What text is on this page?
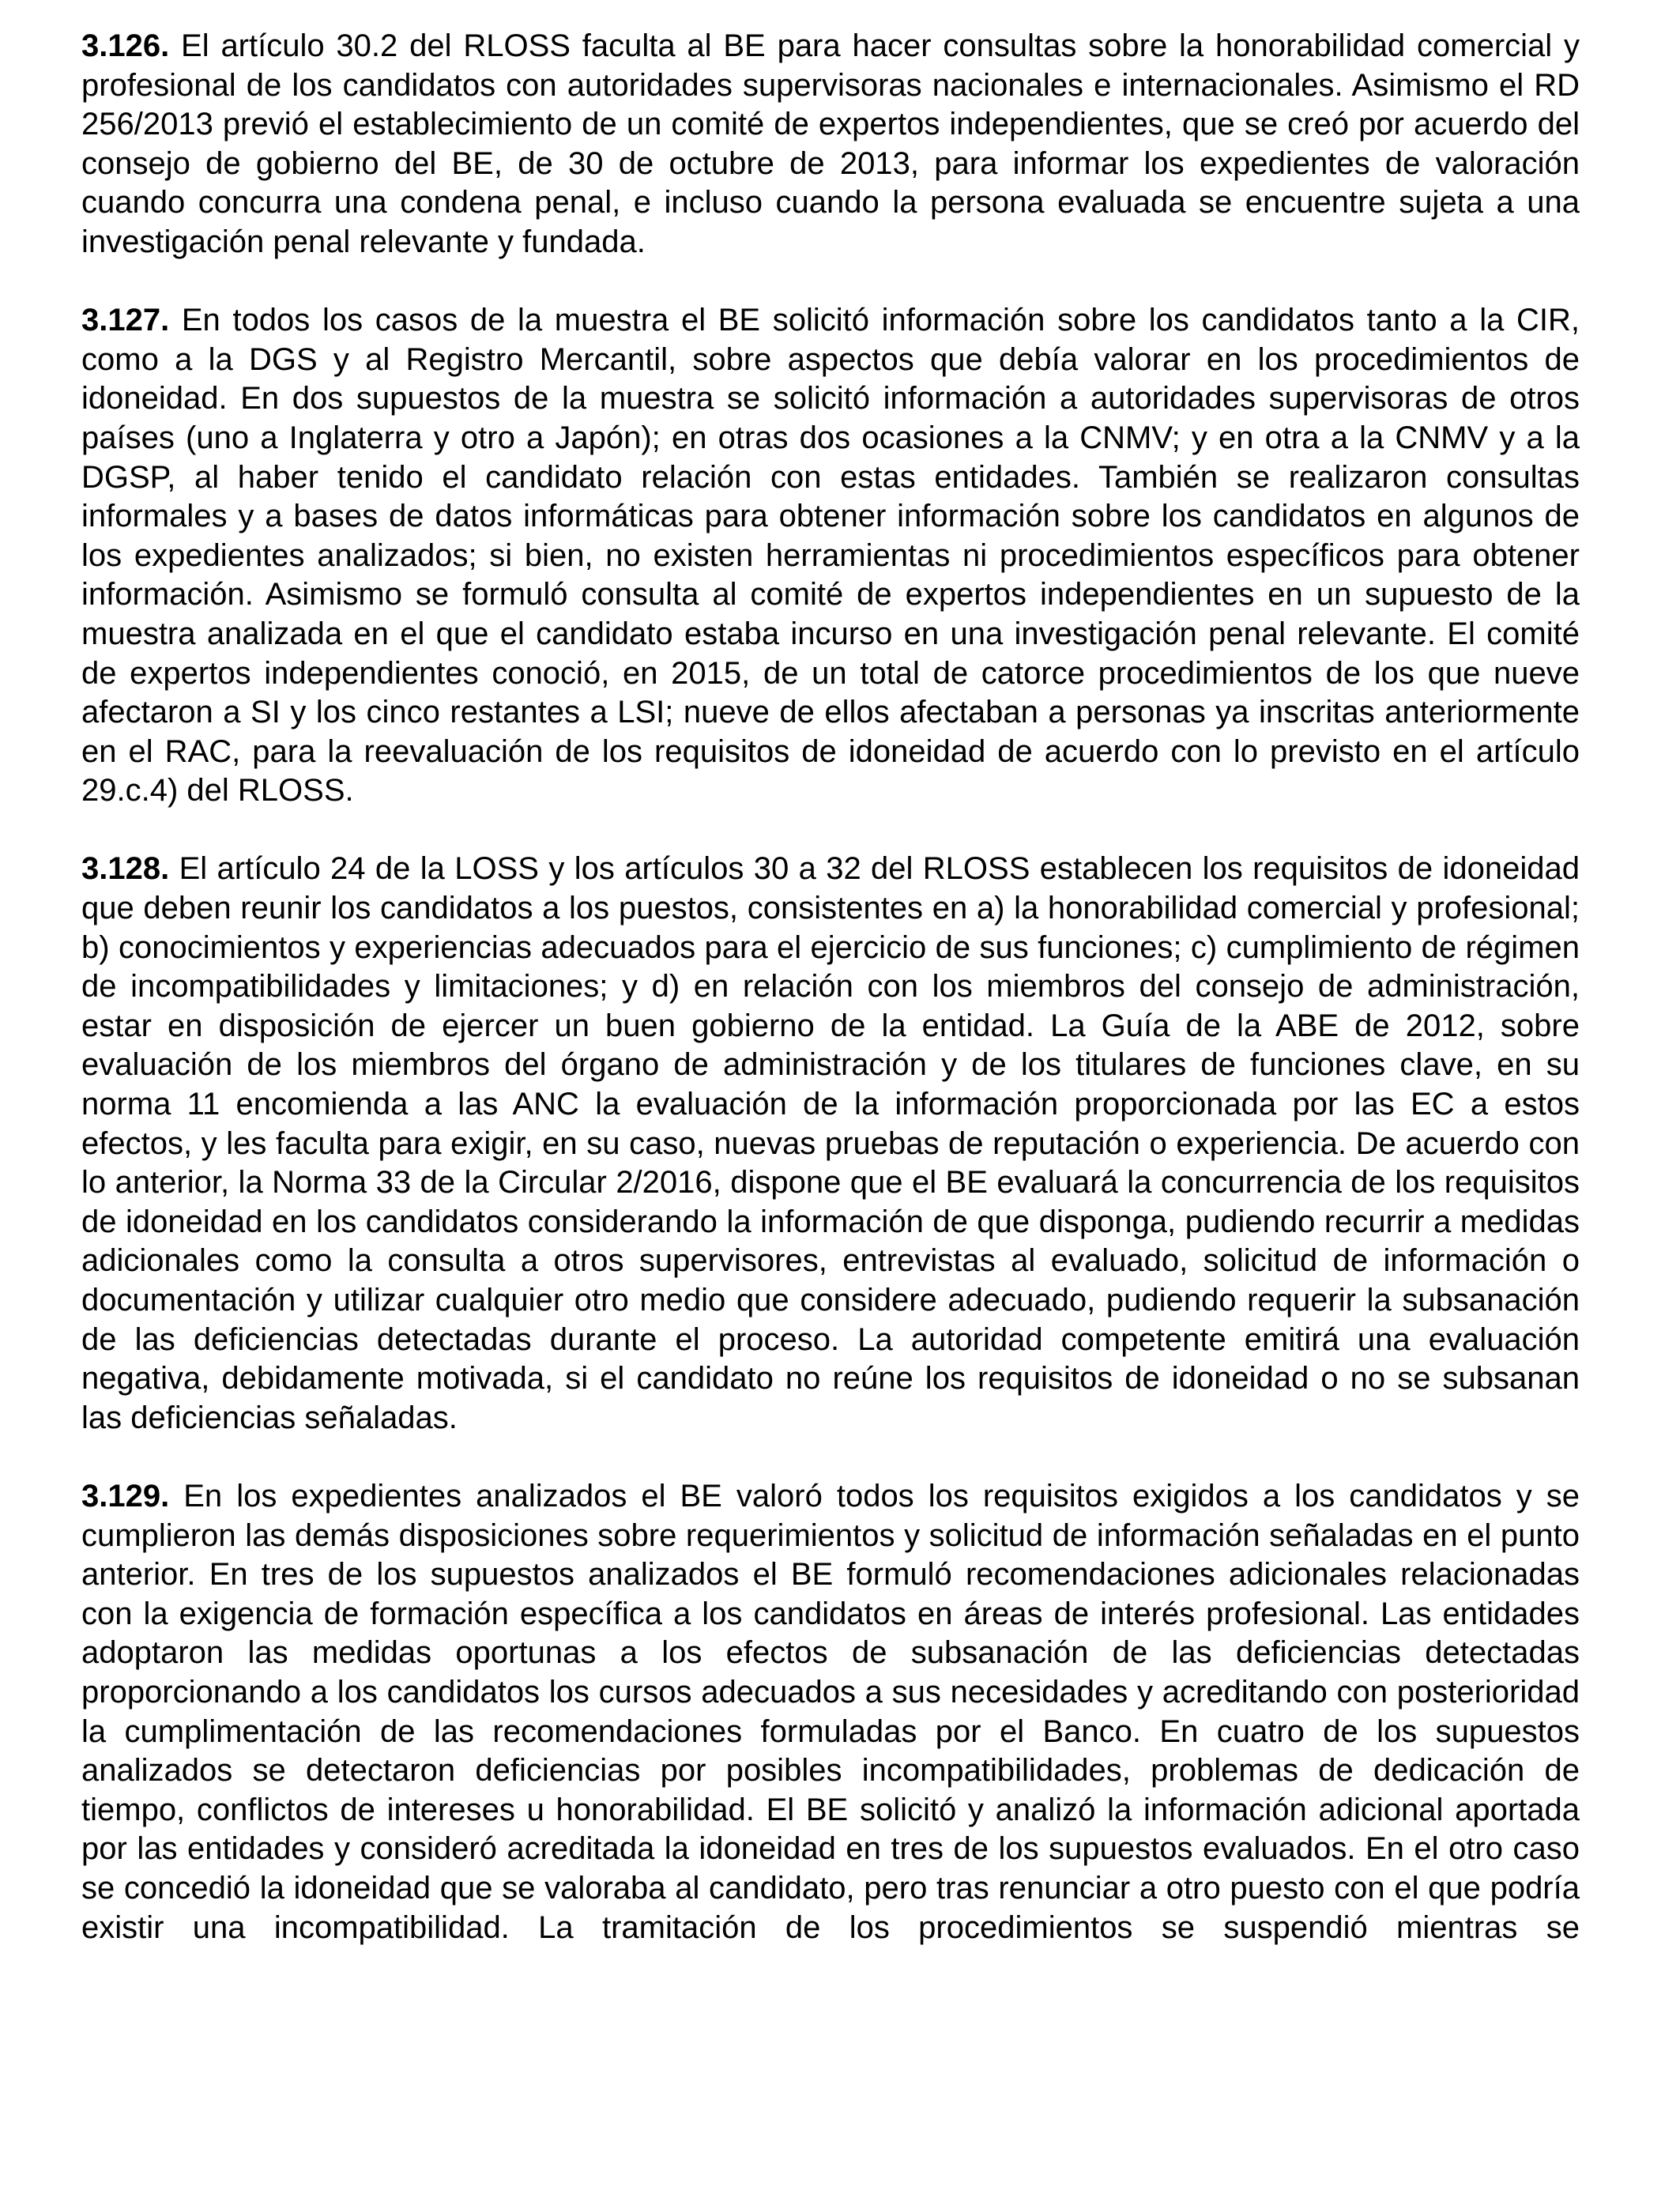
3.126. El artículo 30.2 del RLOSS faculta al BE para hacer consultas sobre la honorabilidad comercial y profesional de los candidatos con autoridades supervisoras nacionales e internacionales. Asimismo el RD 256/2013 previó el establecimiento de un comité de expertos independientes, que se creó por acuerdo del consejo de gobierno del BE, de 30 de octubre de 2013, para informar los expedientes de valoración cuando concurra una condena penal, e incluso cuando la persona evaluada se encuentre sujeta a una investigación penal relevante y fundada.

3.127. En todos los casos de la muestra el BE solicitó información sobre los candidatos tanto a la CIR, como a la DGS y al Registro Mercantil, sobre aspectos que debía valorar en los procedimientos de idoneidad. En dos supuestos de la muestra se solicitó información a autoridades supervisoras de otros países (uno a Inglaterra y otro a Japón); en otras dos ocasiones a la CNMV; y en otra a la CNMV y a la DGSP, al haber tenido el candidato relación con estas entidades. También se realizaron consultas informales y a bases de datos informáticas para obtener información sobre los candidatos en algunos de los expedientes analizados; si bien, no existen herramientas ni procedimientos específicos para obtener información. Asimismo se formuló consulta al comité de expertos independientes en un supuesto de la muestra analizada en el que el candidato estaba incurso en una investigación penal relevante. El comité de expertos independientes conoció, en 2015, de un total de catorce procedimientos de los que nueve afectaron a SI y los cinco restantes a LSI; nueve de ellos afectaban a personas ya inscritas anteriormente en el RAC, para la reevaluación de los requisitos de idoneidad de acuerdo con lo previsto en el artículo 29.c.4) del RLOSS.

3.128. El artículo 24 de la LOSS y los artículos 30 a 32 del RLOSS establecen los requisitos de idoneidad que deben reunir los candidatos a los puestos, consistentes en a) la honorabilidad comercial y profesional; b) conocimientos y experiencias adecuados para el ejercicio de sus funciones; c) cumplimiento de régimen de incompatibilidades y limitaciones; y d) en relación con los miembros del consejo de administración, estar en disposición de ejercer un buen gobierno de la entidad. La Guía de la ABE de 2012, sobre evaluación de los miembros del órgano de administración y de los titulares de funciones clave, en su norma 11 encomienda a las ANC la evaluación de la información proporcionada por las EC a estos efectos, y les faculta para exigir, en su caso, nuevas pruebas de reputación o experiencia. De acuerdo con lo anterior, la Norma 33 de la Circular 2/2016, dispone que el BE evaluará la concurrencia de los requisitos de idoneidad en los candidatos considerando la información de que disponga, pudiendo recurrir a medidas adicionales como la consulta a otros supervisores, entrevistas al evaluado, solicitud de información o documentación y utilizar cualquier otro medio que considere adecuado, pudiendo requerir la subsanación de las deficiencias detectadas durante el proceso. La autoridad competente emitirá una evaluación negativa, debidamente motivada, si el candidato no reúne los requisitos de idoneidad o no se subsanan las deficiencias señaladas.

3.129. En los expedientes analizados el BE valoró todos los requisitos exigidos a los candidatos y se cumplieron las demás disposiciones sobre requerimientos y solicitud de información señaladas en el punto anterior. En tres de los supuestos analizados el BE formuló recomendaciones adicionales relacionadas con la exigencia de formación específica a los candidatos en áreas de interés profesional. Las entidades adoptaron las medidas oportunas a los efectos de subsanación de las deficiencias detectadas proporcionando a los candidatos los cursos adecuados a sus necesidades y acreditando con posterioridad la cumplimentación de las recomendaciones formuladas por el Banco. En cuatro de los supuestos analizados se detectaron deficiencias por posibles incompatibilidades, problemas de dedicación de tiempo, conflictos de intereses u honorabilidad. El BE solicitó y analizó la información adicional aportada por las entidades y consideró acreditada la idoneidad en tres de los supuestos evaluados. En el otro caso se concedió la idoneidad que se valoraba al candidato, pero tras renunciar a otro puesto con el que podría existir una incompatibilidad. La tramitación de los procedimientos se suspendió mientras se
